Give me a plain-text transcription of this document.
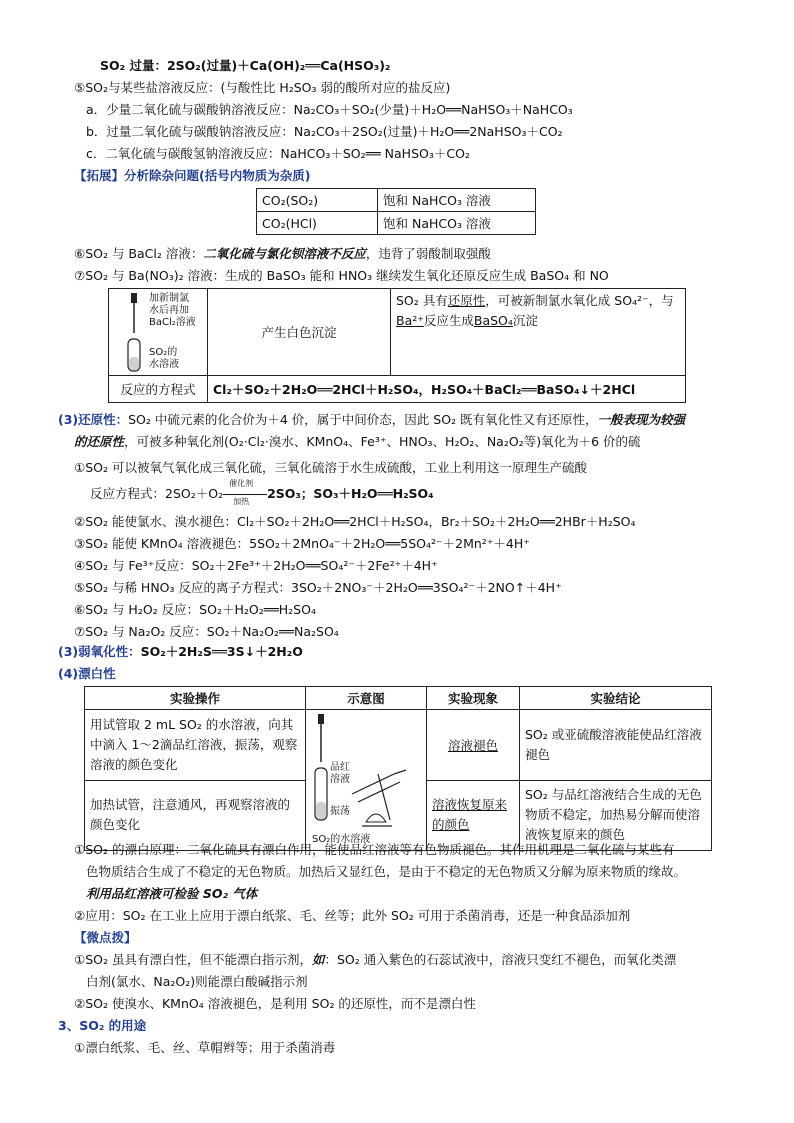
SO₂ 过量：2SO₂(过量)＋Ca(OH)₂══Ca(HSO₃)₂
⑤SO₂与某些盐溶液反应：(与酸性比 H₂SO₃ 弱的酸所对应的盐反应)
a．少量二氧化硫与碳酸钠溶液反应：Na₂CO₃＋SO₂(少量)＋H₂O══NaHSO₃＋NaHCO₃
b．过量二氧化硫与碳酸钠溶液反应：Na₂CO₃＋2SO₂(过量)＋H₂O══2NaHSO₃＋CO₂
c．二氧化硫与碳酸氢钠溶液反应：NaHCO₃＋SO₂══ NaHSO₃＋CO₂
【拓展】分析除杂问题(括号内物质为杂质)
CO₂(SO₂)	饱和 NaHCO₃ 溶液
CO₂(HCl)	饱和 NaHCO₃ 溶液
⑥SO₂ 与 BaCl₂ 溶液：二氧化硫与氯化钡溶液不反应，违背了弱酸制取强酸
⑦SO₂ 与 Ba(NO₃)₂ 溶液：生成的 BaSO₃ 能和 HNO₃ 继续发生氧化还原反应生成 BaSO₄ 和 NO
加新制氯
水后再加
BaCl₂溶液
SO₂的
水溶液	产生白色沉淀	SO₂ 具有还原性，可被新制氯水氧化成 SO₄²⁻，与Ba²⁺反应生成BaSO₄沉淀
反应的方程式	Cl₂＋SO₂＋2H₂O══2HCl＋H₂SO₄，H₂SO₄＋BaCl₂══BaSO₄↓＋2HCl	
(3)还原性：SO₂ 中硫元素的化合价为＋4 价，属于中间价态，因此 SO₂ 既有氧化性又有还原性，一般表现为较强
的还原性，可被多种氧化剂(O₂·Cl₂·溴水、KMnO₄、Fe³⁺、HNO₃、H₂O₂、Na₂O₂等)氧化为＋6 价的硫
①SO₂ 可以被氧气氧化成三氧化硫，三氧化硫溶于水生成硫酸，工业上利用这一原理生产硫酸
反应方程式：2SO₂＋O₂
催化剂
加热 2SO₃；SO₃＋H₂O══H₂SO₄
②SO₂ 能使氯水、溴水褪色：Cl₂＋SO₂＋2H₂O══2HCl＋H₂SO₄，Br₂＋SO₂＋2H₂O══2HBr＋H₂SO₄
③SO₂ 能使 KMnO₄ 溶液褪色：5SO₂＋2MnO₄⁻＋2H₂O══5SO₄²⁻＋2Mn²⁺＋4H⁺
④SO₂ 与 Fe³⁺反应：SO₂＋2Fe³⁺＋2H₂O══SO₄²⁻＋2Fe²⁺＋4H⁺
⑤SO₂ 与稀 HNO₃ 反应的离子方程式：3SO₂＋2NO₃⁻＋2H₂O══3SO₄²⁻＋2NO↑＋4H⁺
⑥SO₂ 与 H₂O₂ 反应：SO₂＋H₂O₂══H₂SO₄
⑦SO₂ 与 Na₂O₂ 反应：SO₂＋Na₂O₂══Na₂SO₄
(3)弱氧化性：SO₂＋2H₂S══3S↓＋2H₂O
(4)漂白性
实验操作	示意图	实验现象	实验结论
用试管取 2 mL SO₂ 的水溶液，向其中滴入 1～2滴品红溶液，振荡，观察溶液的颜色变化	品红
溶液
振荡
SO₂的水溶液	溶液褪色	SO₂ 或亚硫酸溶液能使品红溶液褪色
加热试管，注意通风，再观察溶液的颜色变化		溶液恢复原来的颜色	SO₂ 与品红溶液结合生成的无色物质不稳定，加热易分解而使溶液恢复原来的颜色
①SO₂ 的漂白原理：二氧化硫具有漂白作用，能使品红溶液等有色物质褪色。其作用机理是二氧化硫与某些有
色物质结合生成了不稳定的无色物质。加热后又显红色，是由于不稳定的无色物质又分解为原来物质的缘故。
利用品红溶液可检验 SO₂ 气体
②应用：SO₂ 在工业上应用于漂白纸浆、毛、丝等；此外 SO₂ 可用于杀菌消毒，还是一种食品添加剂
【微点拨】
①SO₂ 虽具有漂白性，但不能漂白指示剂，如：SO₂ 通入紫色的石蕊试液中，溶液只变红不褪色，而氧化类漂
白剂(氯水、Na₂O₂)则能漂白酸碱指示剂
②SO₂ 使溴水、KMnO₄ 溶液褪色，是利用 SO₂ 的还原性，而不是漂白性
3、SO₂ 的用途
①漂白纸浆、毛、丝、草帽辫等；用于杀菌消毒
